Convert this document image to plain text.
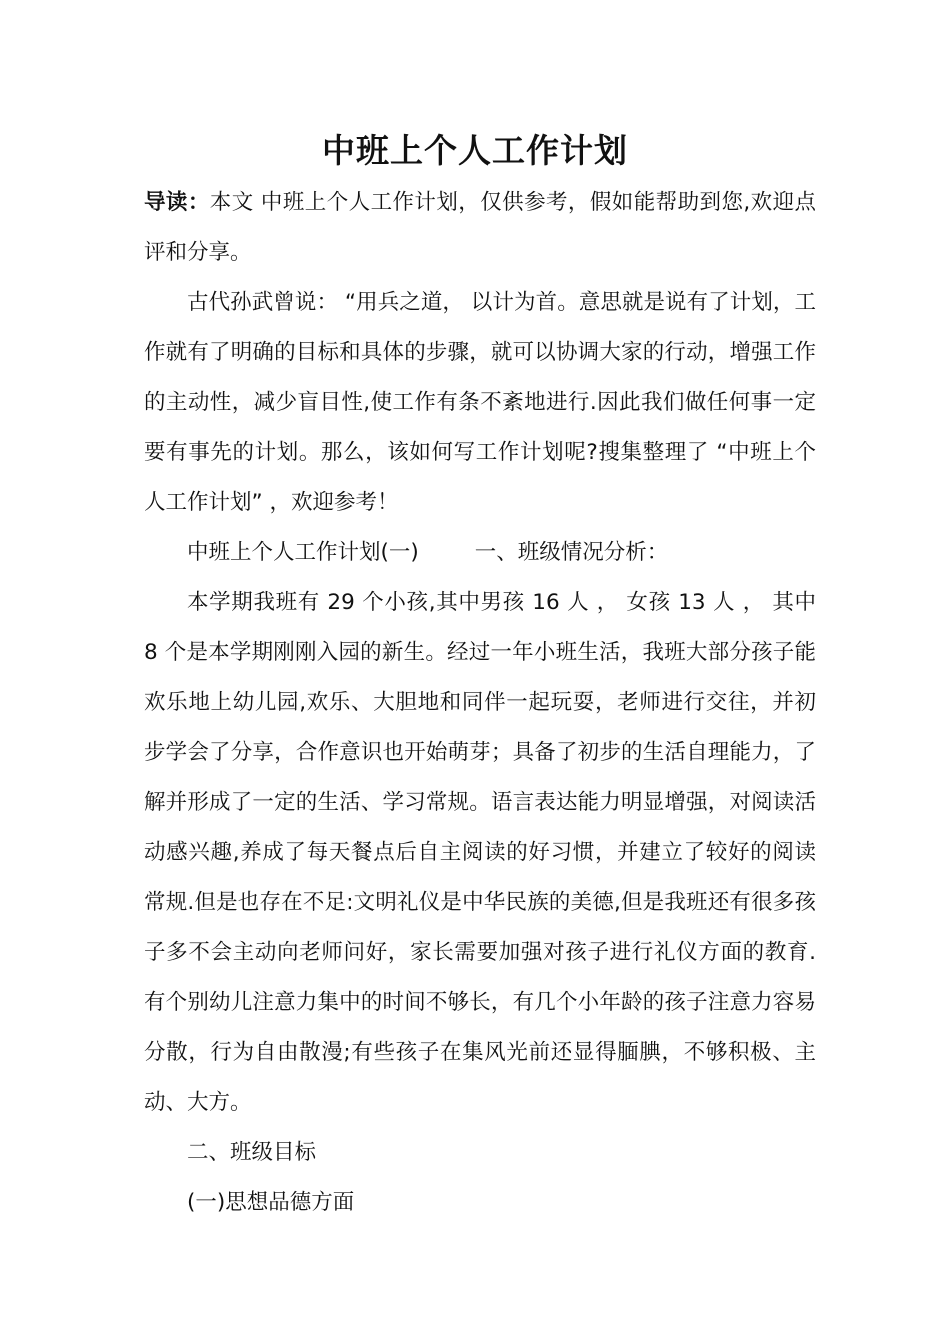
中班上个人工作计划

导读：本文 中班上个人工作计划，仅供参考，假如能帮助到您,欢迎点评和分享。

古代孙武曾说： “用兵之道， 以计为首。意思就是说有了计划，工作就有了明确的目标和具体的步骤，就可以协调大家的行动，增强工作的主动性，减少盲目性,使工作有条不紊地进行.因此我们做任何事一定要有事先的计划。那么，该如何写工作计划呢?搜集整理了 “中班上个人工作计划” ，欢迎参考！

中班上个人工作计划(一)	一、班级情况分析：

本学期我班有 29 个小孩,其中男孩 16 人 ， 女孩 13 人 ， 其中 8 个是本学期刚刚入园的新生。经过一年小班生活，我班大部分孩子能欢乐地上幼儿园,欢乐、大胆地和同伴一起玩耍，老师进行交往，并初步学会了分享，合作意识也开始萌芽；具备了初步的生活自理能力，了解并形成了一定的生活、学习常规。语言表达能力明显增强，对阅读活动感兴趣,养成了每天餐点后自主阅读的好习惯，并建立了较好的阅读常规.但是也存在不足:文明礼仪是中华民族的美德,但是我班还有很多孩子多不会主动向老师问好，家长需要加强对孩子进行礼仪方面的教育.有个别幼儿注意力集中的时间不够长，有几个小年龄的孩子注意力容易分散，行为自由散漫;有些孩子在集风光前还显得腼腆，不够积极、主动、大方。

二、班级目标

(一)思想品德方面
